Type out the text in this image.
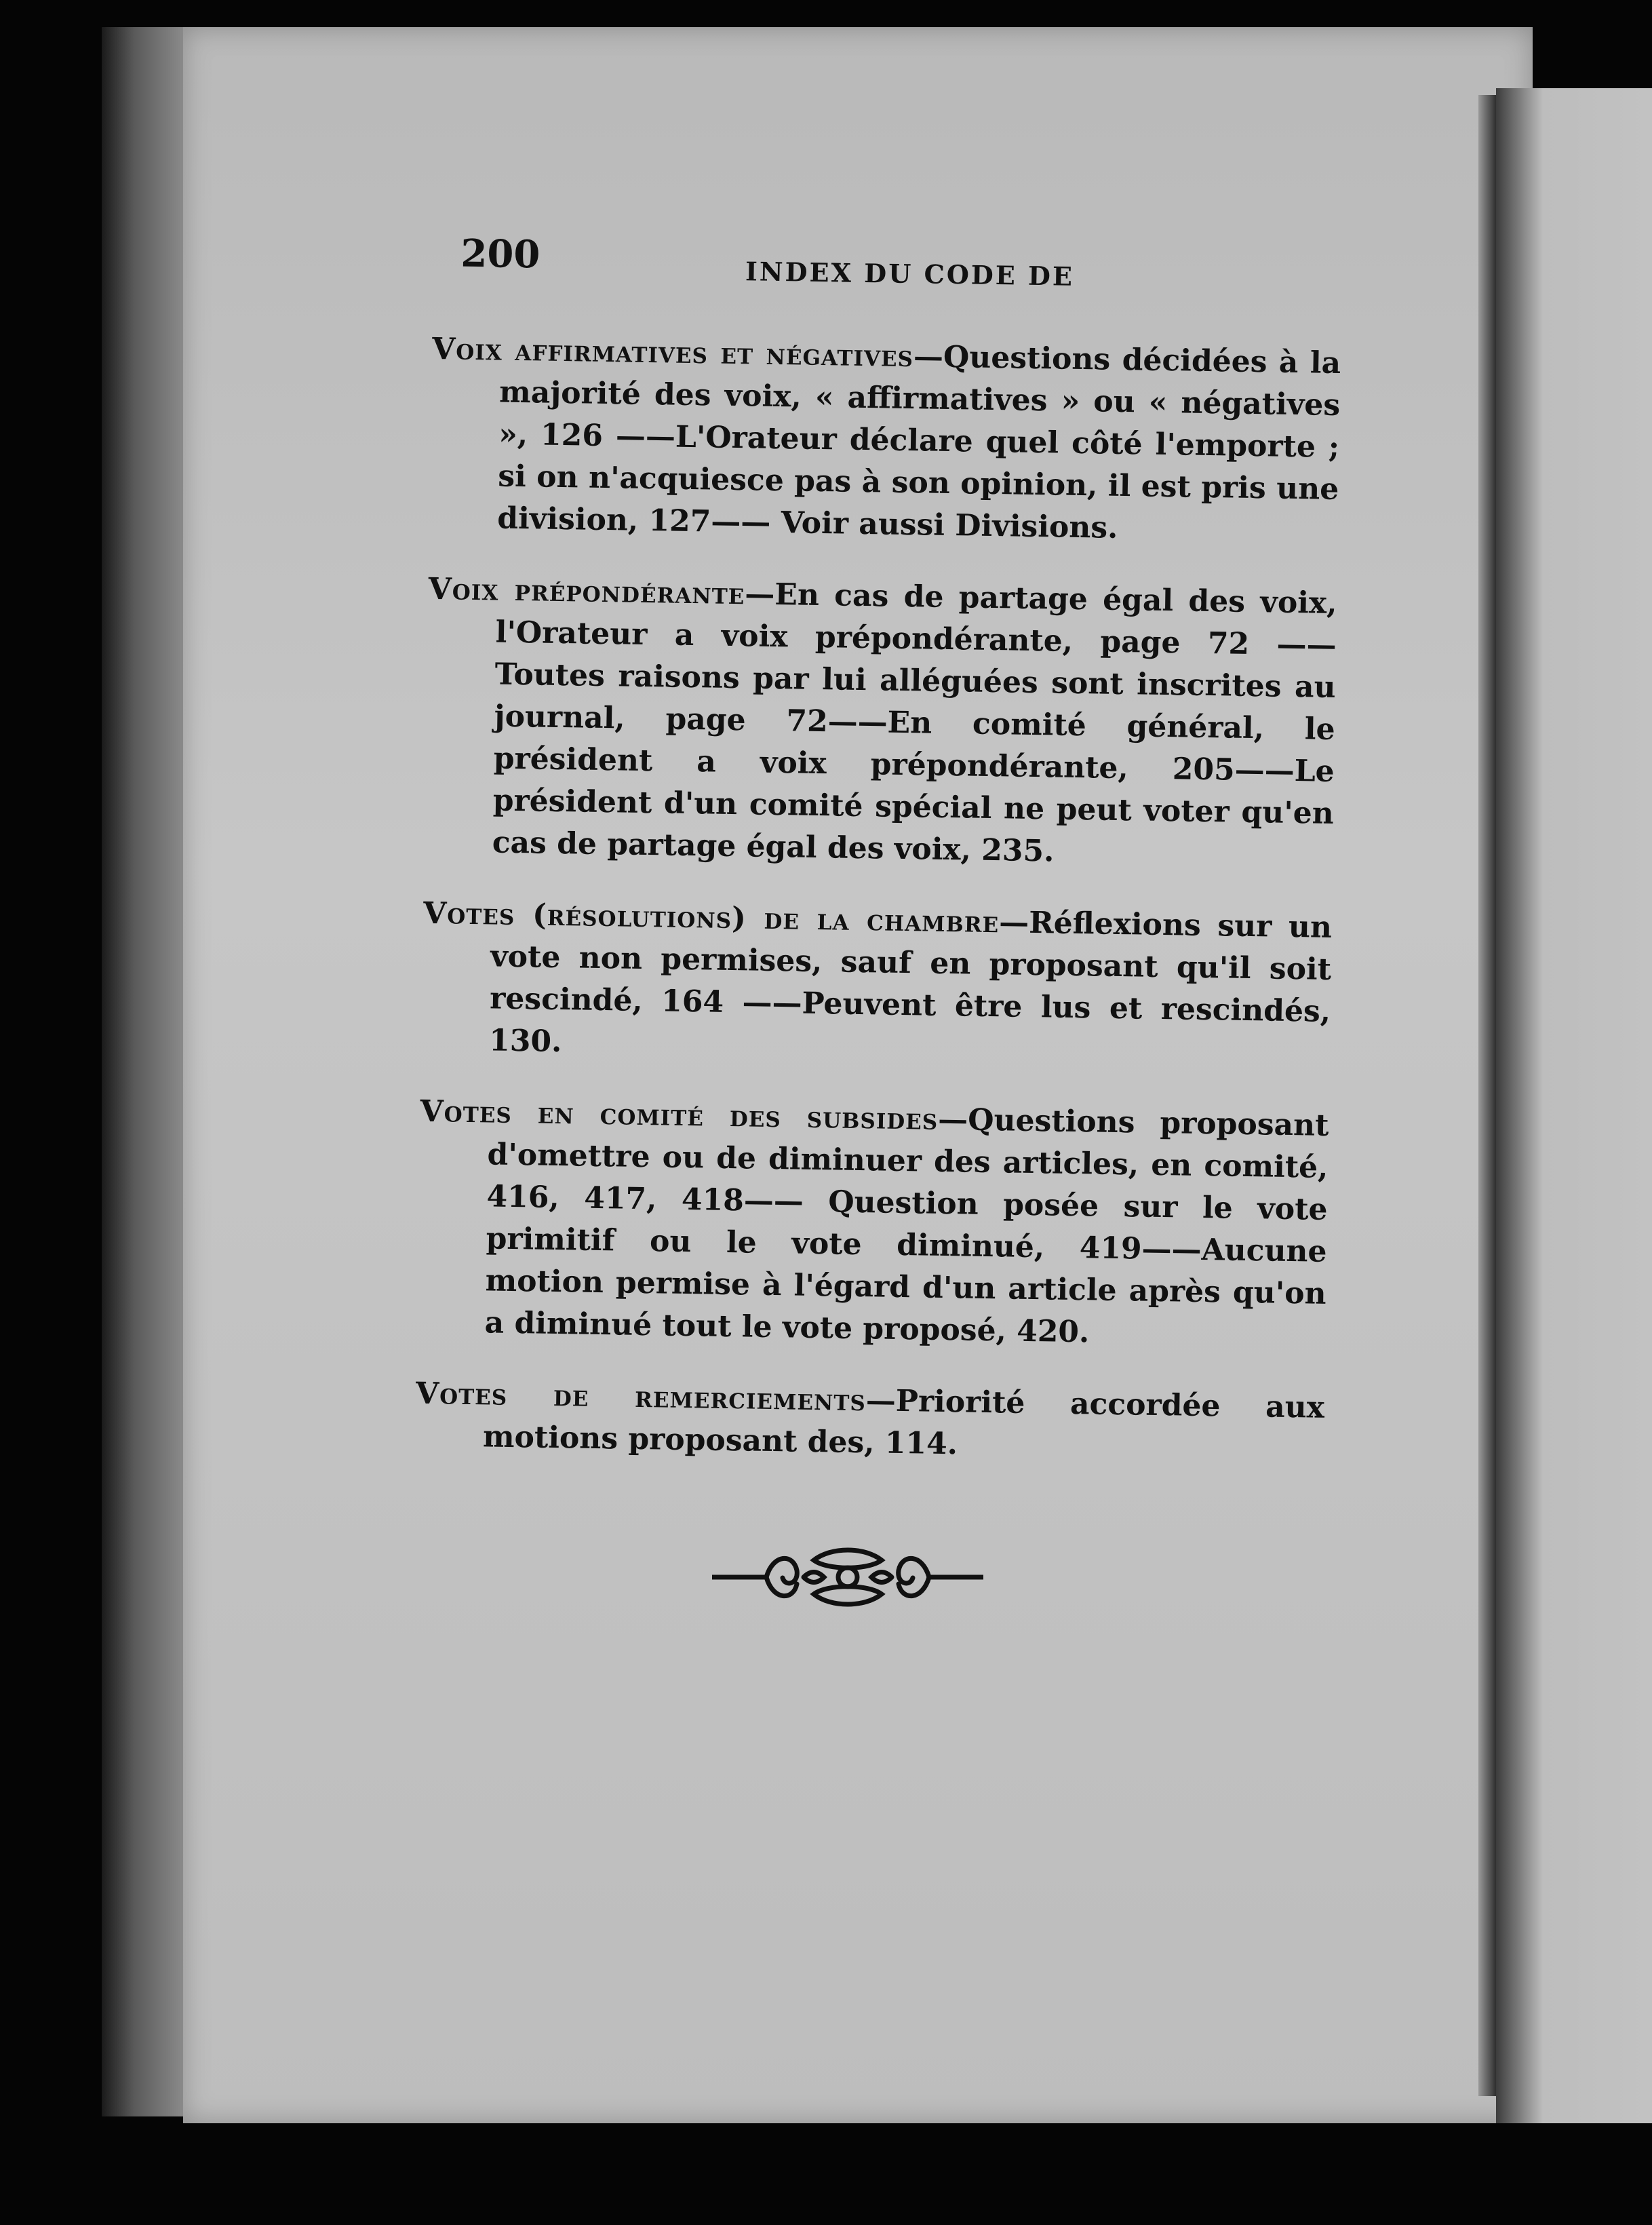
200	INDEX DU CODE DE

Voix affirmatives et négatives—Questions décidées à la majorité des voix, « affirmatives » ou « négatives », 126 ——L'Orateur déclare quel côté l'emporte ; si on n'acquiesce pas à son opinion, il est pris une division, 127—— Voir aussi Divisions.

Voix prépondérante—En cas de partage égal des voix, l'Orateur a voix prépondérante, page 72 —— Toutes raisons par lui alléguées sont inscrites au journal, page 72——En comité général, le président a voix prépondérante, 205——Le président d'un comité spécial ne peut voter qu'en cas de partage égal des voix, 235.

Votes (résolutions) de la chambre—Réflexions sur un vote non permises, sauf en proposant qu'il soit rescindé, 164 ——Peuvent être lus et rescindés, 130.

Votes en comité des subsides—Questions proposant d'omettre ou de diminuer des articles, en comité, 416, 417, 418—— Question posée sur le vote primitif ou le vote diminué, 419——Aucune motion permise à l'égard d'un article après qu'on a diminué tout le vote proposé, 420.

Votes de remerciements—Priorité accordée aux motions proposant des, 114.
